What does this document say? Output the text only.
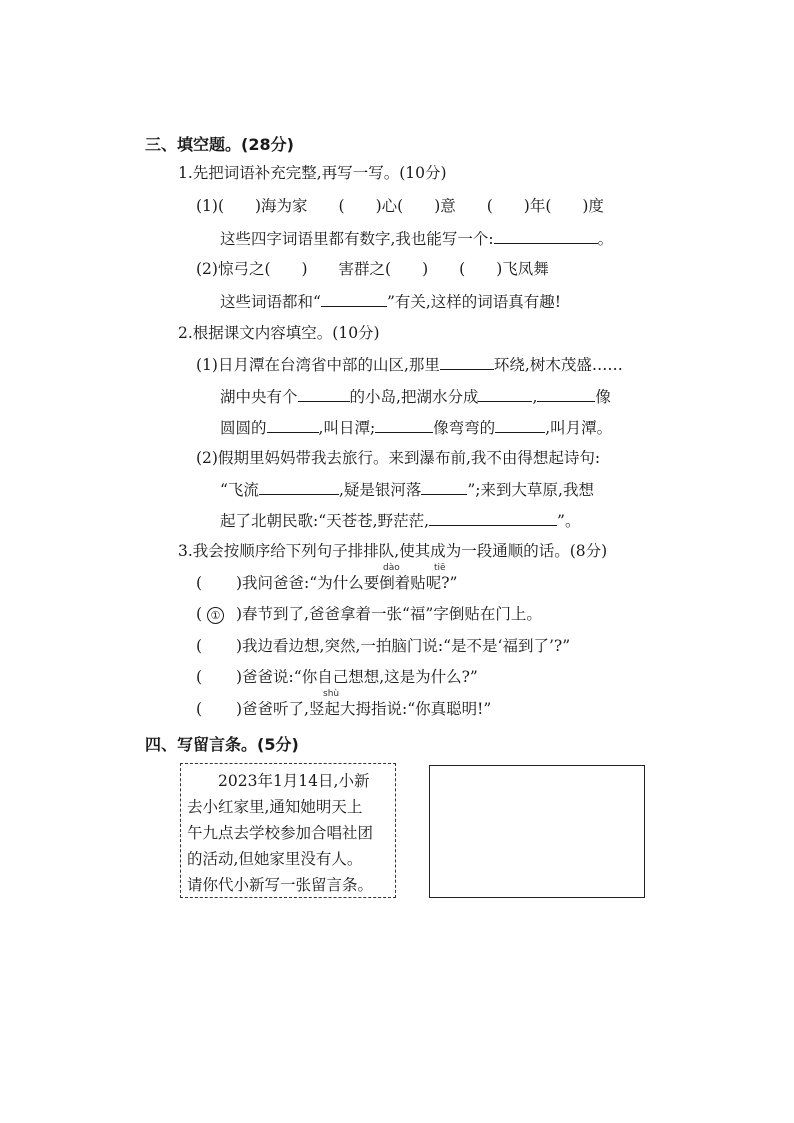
三、填空题。(28分)
1.先把词语补充完整,再写一写。(10分)
(1)(　　)海为家　　(　　)心(　　)意　　(　　)年(　　)度
这些四字词语里都有数字,我也能写一个:	。
(2)惊弓之(　　)　　害群之(　　)　　(　　)飞凤舞
这些词语都和“	”有关,这样的词语真有趣!
2.根据课文内容填空。(10分)
(1)日月潭在台湾省中部的山区,那里	环绕,树木茂盛……
湖中央有个	的小岛,把湖水分成	,	像
圆圆的	,叫日潭;	像弯弯的	,叫月潭。
(2)假期里妈妈带我去旅行。来到瀑布前,我不由得想起诗句:
“飞流	,疑是银河落	”;来到大草原,我想
起了北朝民歌:“天苍苍,野茫茫,	”。
3.我会按顺序给下列句子排排队,使其成为一段通顺的话。(8分)
dào	tiē
( )我问爸爸:“为什么要倒着贴呢?”
( ① )春节到了,爸爸拿着一张“福”字倒贴在门上。
( )我边看边想,突然,一拍脑门说:“是不是‘福到了’?”
( )爸爸说:“你自己想想,这是为什么?”
shù
( )爸爸听了,竖起大拇指说:“你真聪明!”
四、写留言条。(5分)

　　2023年1月14日,小新

去小红家里,通知她明天上

午九点去学校参加合唱社团

的活动,但她家里没有人。

请你代小新写一张留言条。
